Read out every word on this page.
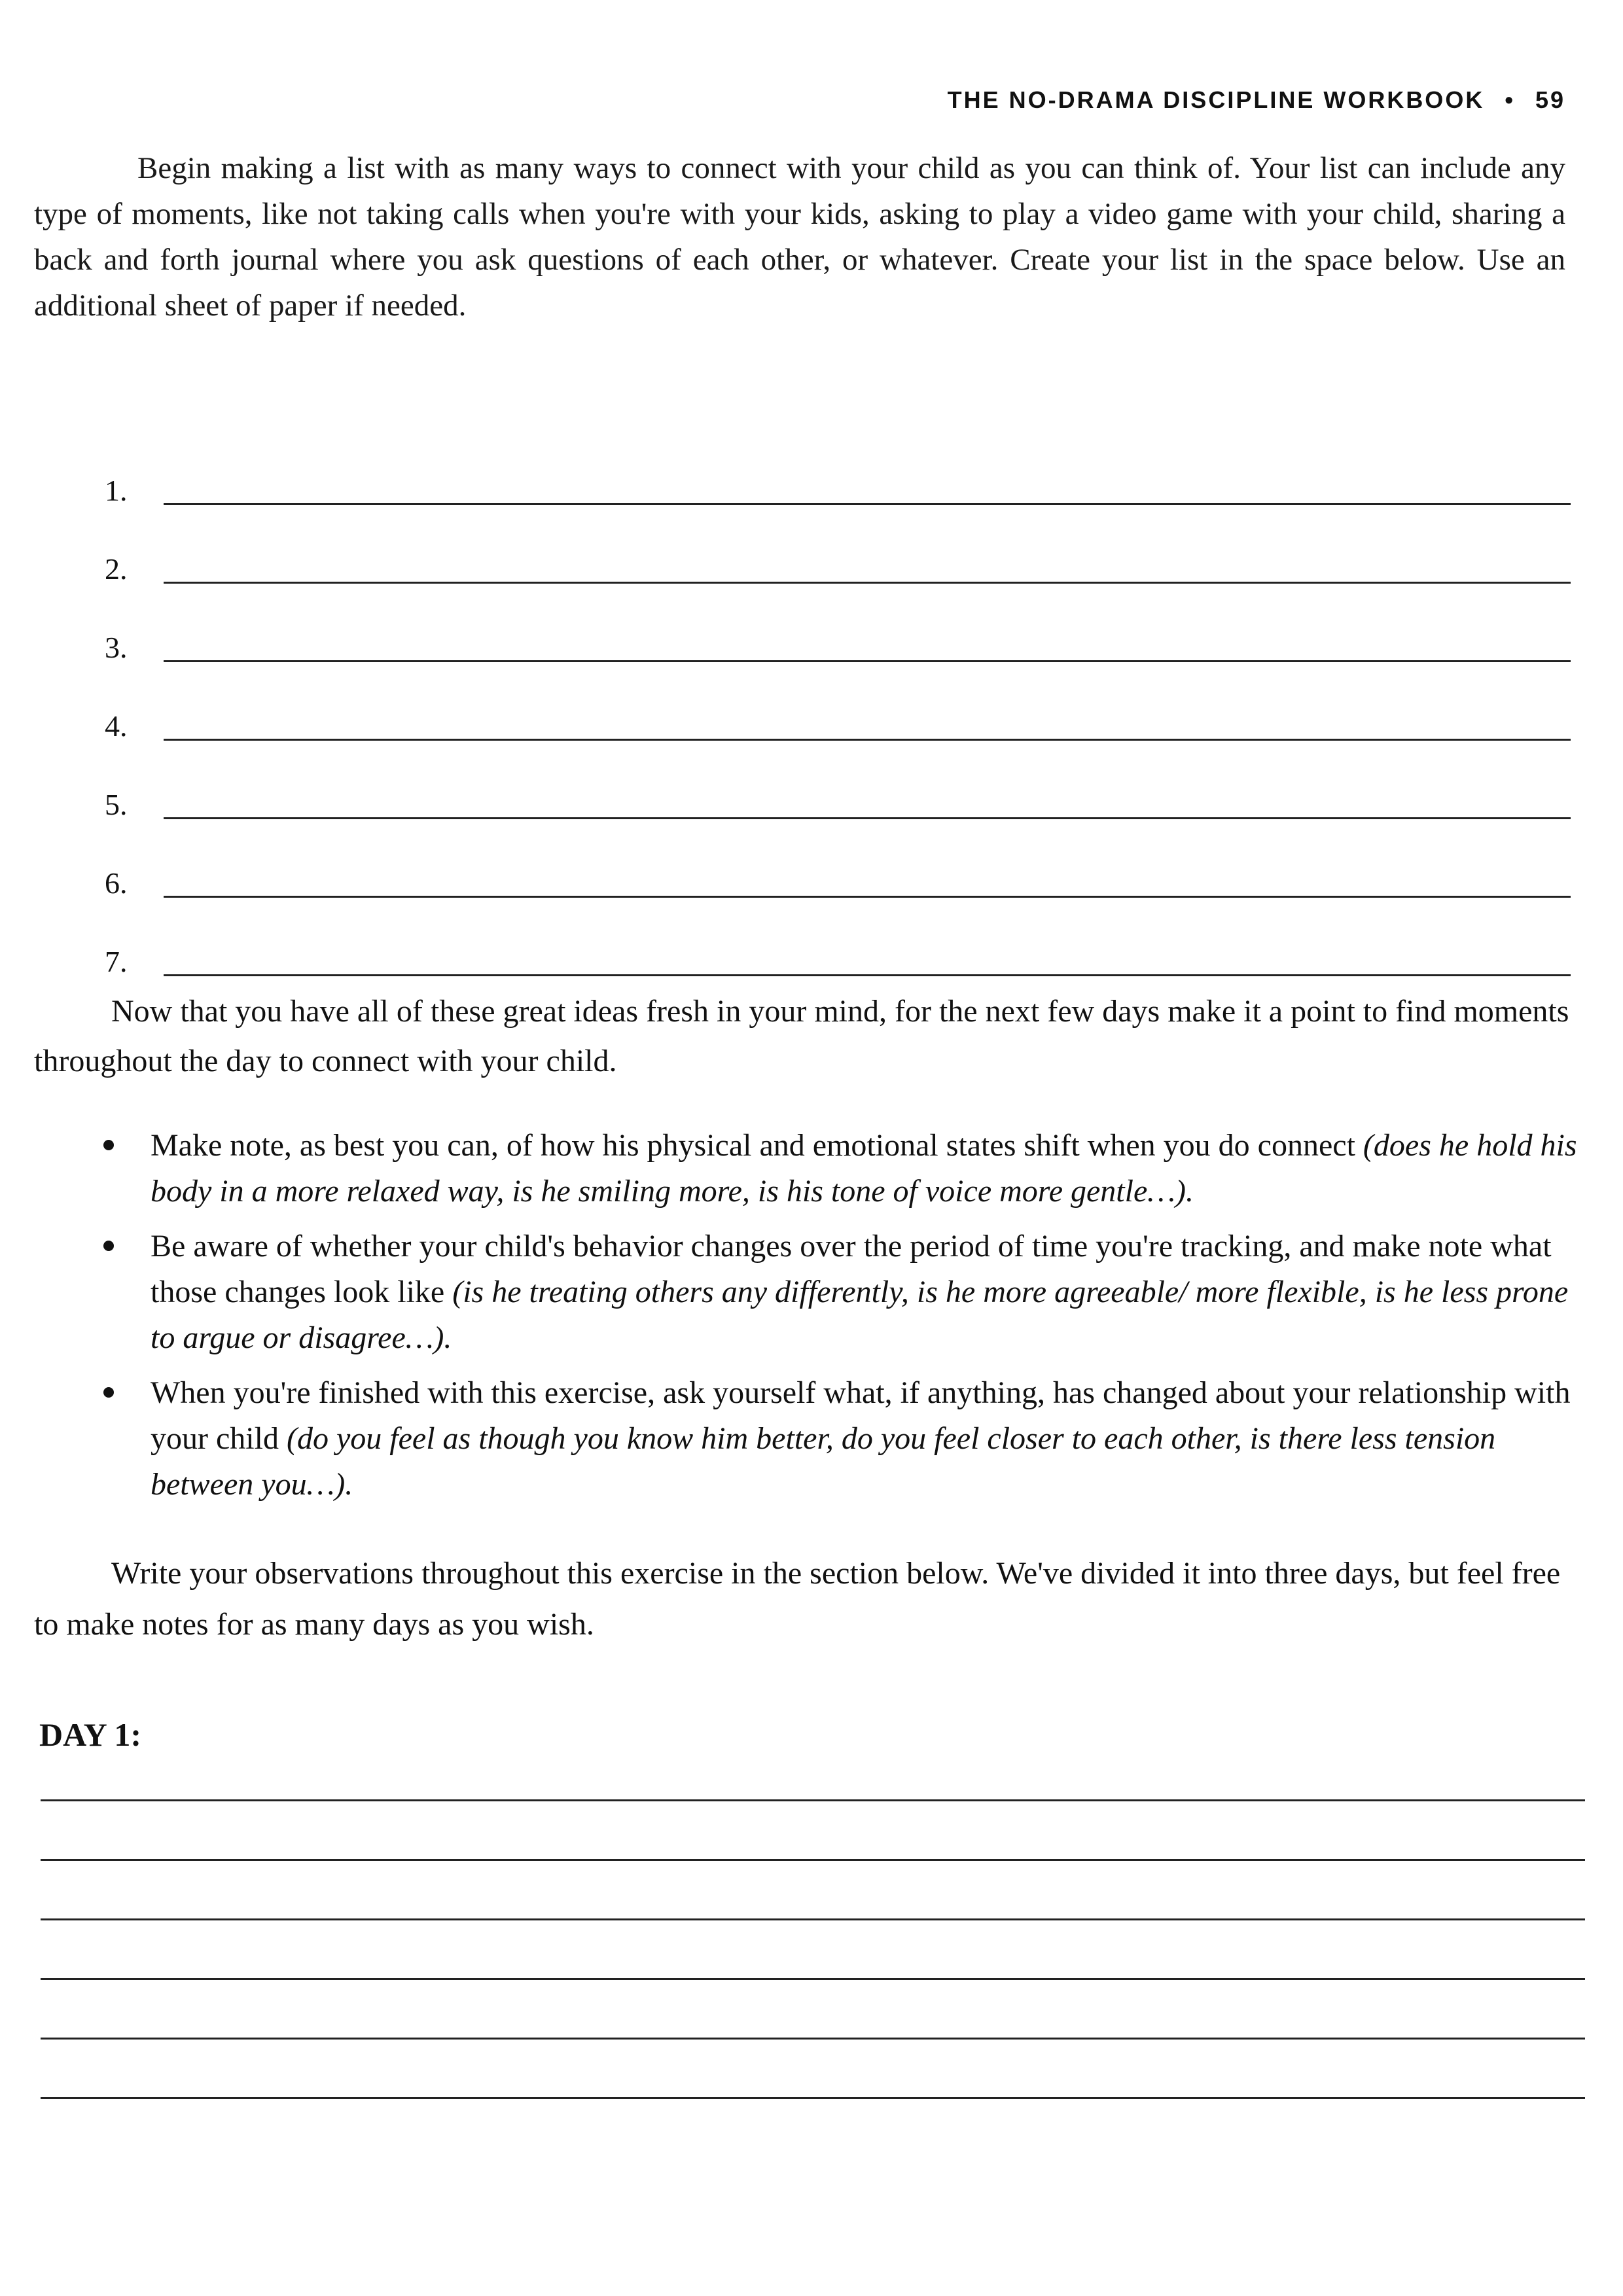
THE NO-DRAMA DISCIPLINE WORKBOOK • 59

Begin making a list with as many ways to connect with your child as you can think of. Your list can include any type of moments, like not taking calls when you're with your kids, asking to play a video game with your child, sharing a back and forth journal where you ask questions of each other, or whatever. Create your list in the space below. Use an additional sheet of paper if needed.

1.
2.
3.
4.
5.
6.
7.

Now that you have all of these great ideas fresh in your mind, for the next few days make it a point to find moments throughout the day to connect with your child.

Make note, as best you can, of how his physical and emotional states shift when you do connect (does he hold his body in a more relaxed way, is he smiling more, is his tone of voice more gentle…).
Be aware of whether your child's behavior changes over the period of time you're tracking, and make note what those changes look like (is he treating others any differently, is he more agreeable/ more flexible, is he less prone to argue or disagree…).
When you're finished with this exercise, ask yourself what, if anything, has changed about your relationship with your child (do you feel as though you know him better, do you feel closer to each other, is there less tension between you…).

Write your observations throughout this exercise in the section below. We've divided it into three days, but feel free to make notes for as many days as you wish.

DAY 1:
